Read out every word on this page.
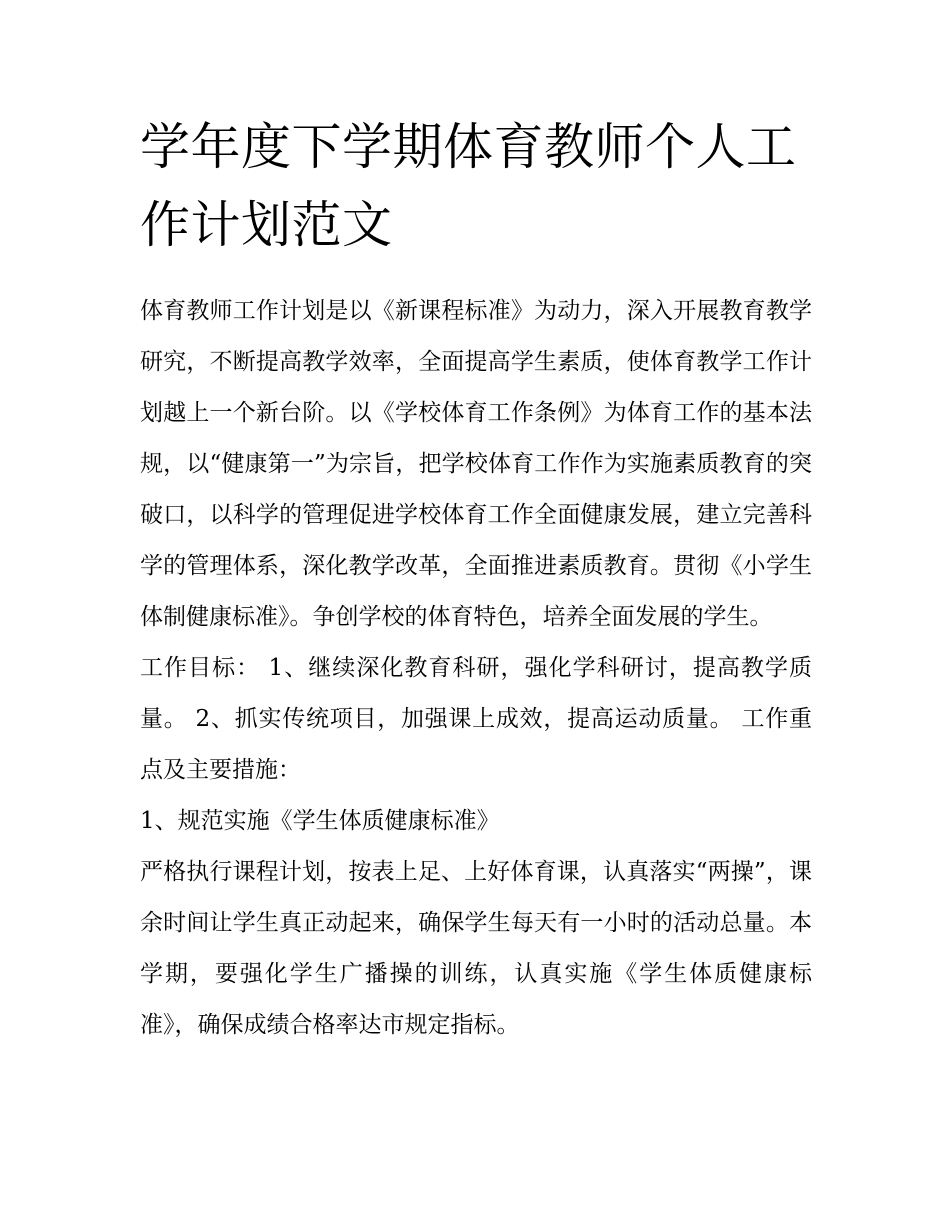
学年度下学期体育教师个人工作计划范文

体育教师工作计划是以《新课程标准》为动力，深入开展教育教学研究，不断提高教学效率，全面提高学生素质，使体育教学工作计划越上一个新台阶。以《学校体育工作条例》为体育工作的基本法规，以“健康第一”为宗旨，把学校体育工作作为实施素质教育的突破口，以科学的管理促进学校体育工作全面健康发展，建立完善科学的管理体系，深化教学改革，全面推进素质教育。贯彻《小学生体制健康标准》。争创学校的体育特色，培养全面发展的学生。

工作目标： 1、继续深化教育科研，强化学科研讨，提高教学质量。 2、抓实传统项目，加强课上成效，提高运动质量。 工作重点及主要措施：

1、规范实施《学生体质健康标准》

严格执行课程计划，按表上足、上好体育课，认真落实“两操”，课余时间让学生真正动起来，确保学生每天有一小时的活动总量。本学期，要强化学生广播操的训练，认真实施《学生体质健康标准》，确保成绩合格率达市规定指标。
